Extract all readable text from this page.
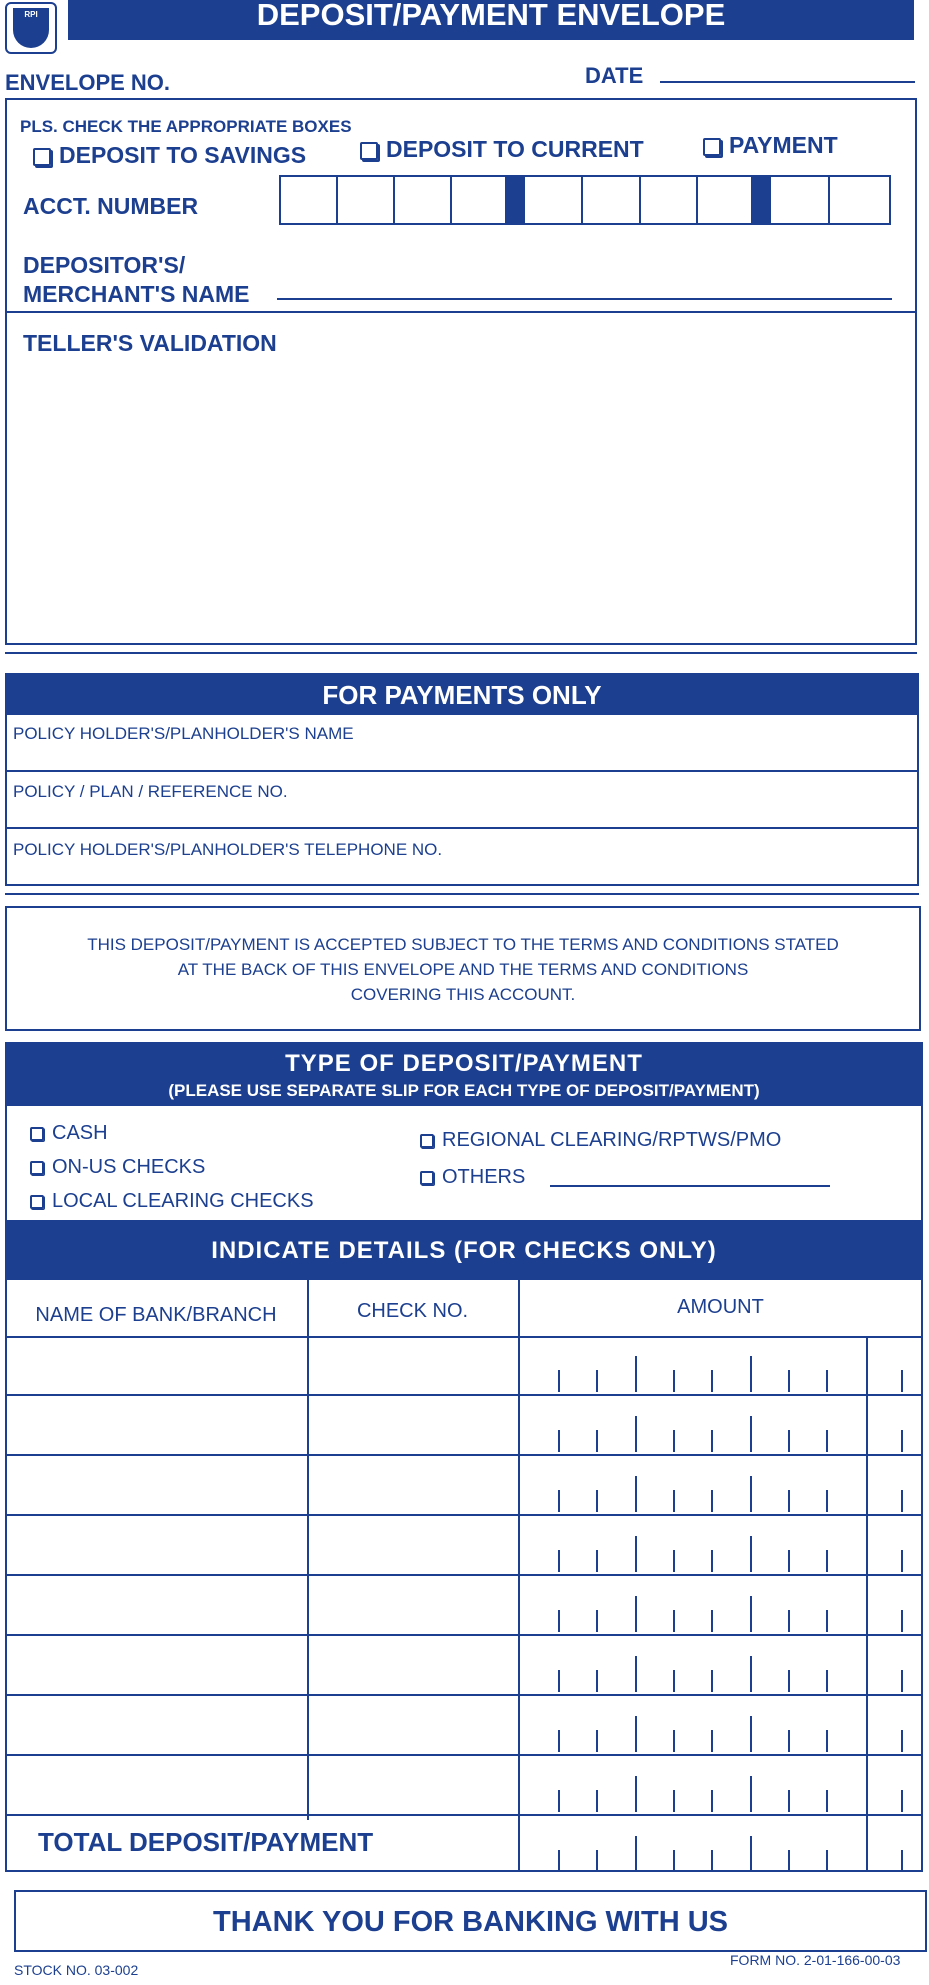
RPI	DEPOSIT/PAYMENT ENVELOPE
ENVELOPE NO.	DATE
PLS. CHECK THE APPROPRIATE BOXES
DEPOSIT TO SAVINGS	DEPOSIT TO CURRENT	PAYMENT
ACCT. NUMBER
DEPOSITOR'S/
MERCHANT'S NAME
TELLER'S VALIDATION
FOR PAYMENTS ONLY
POLICY HOLDER'S/PLANHOLDER'S NAME
POLICY / PLAN / REFERENCE NO.
POLICY HOLDER'S/PLANHOLDER'S TELEPHONE NO.
THIS DEPOSIT/PAYMENT IS ACCEPTED SUBJECT TO THE TERMS AND CONDITIONS STATED
AT THE BACK OF THIS ENVELOPE AND THE TERMS AND CONDITIONS
COVERING THIS ACCOUNT.
TYPE OF DEPOSIT/PAYMENT
(PLEASE USE SEPARATE SLIP FOR EACH TYPE OF DEPOSIT/PAYMENT)
CASH
ON-US CHECKS
LOCAL CLEARING CHECKS
REGIONAL CLEARING/RPTWS/PMO
OTHERS
INDICATE DETAILS (FOR CHECKS ONLY)
NAME OF BANK/BRANCH	CHECK NO.	AMOUNT
TOTAL DEPOSIT/PAYMENT
THANK YOU FOR BANKING WITH US
STOCK NO. 03-002
FORM NO. 2-01-166-00-03
